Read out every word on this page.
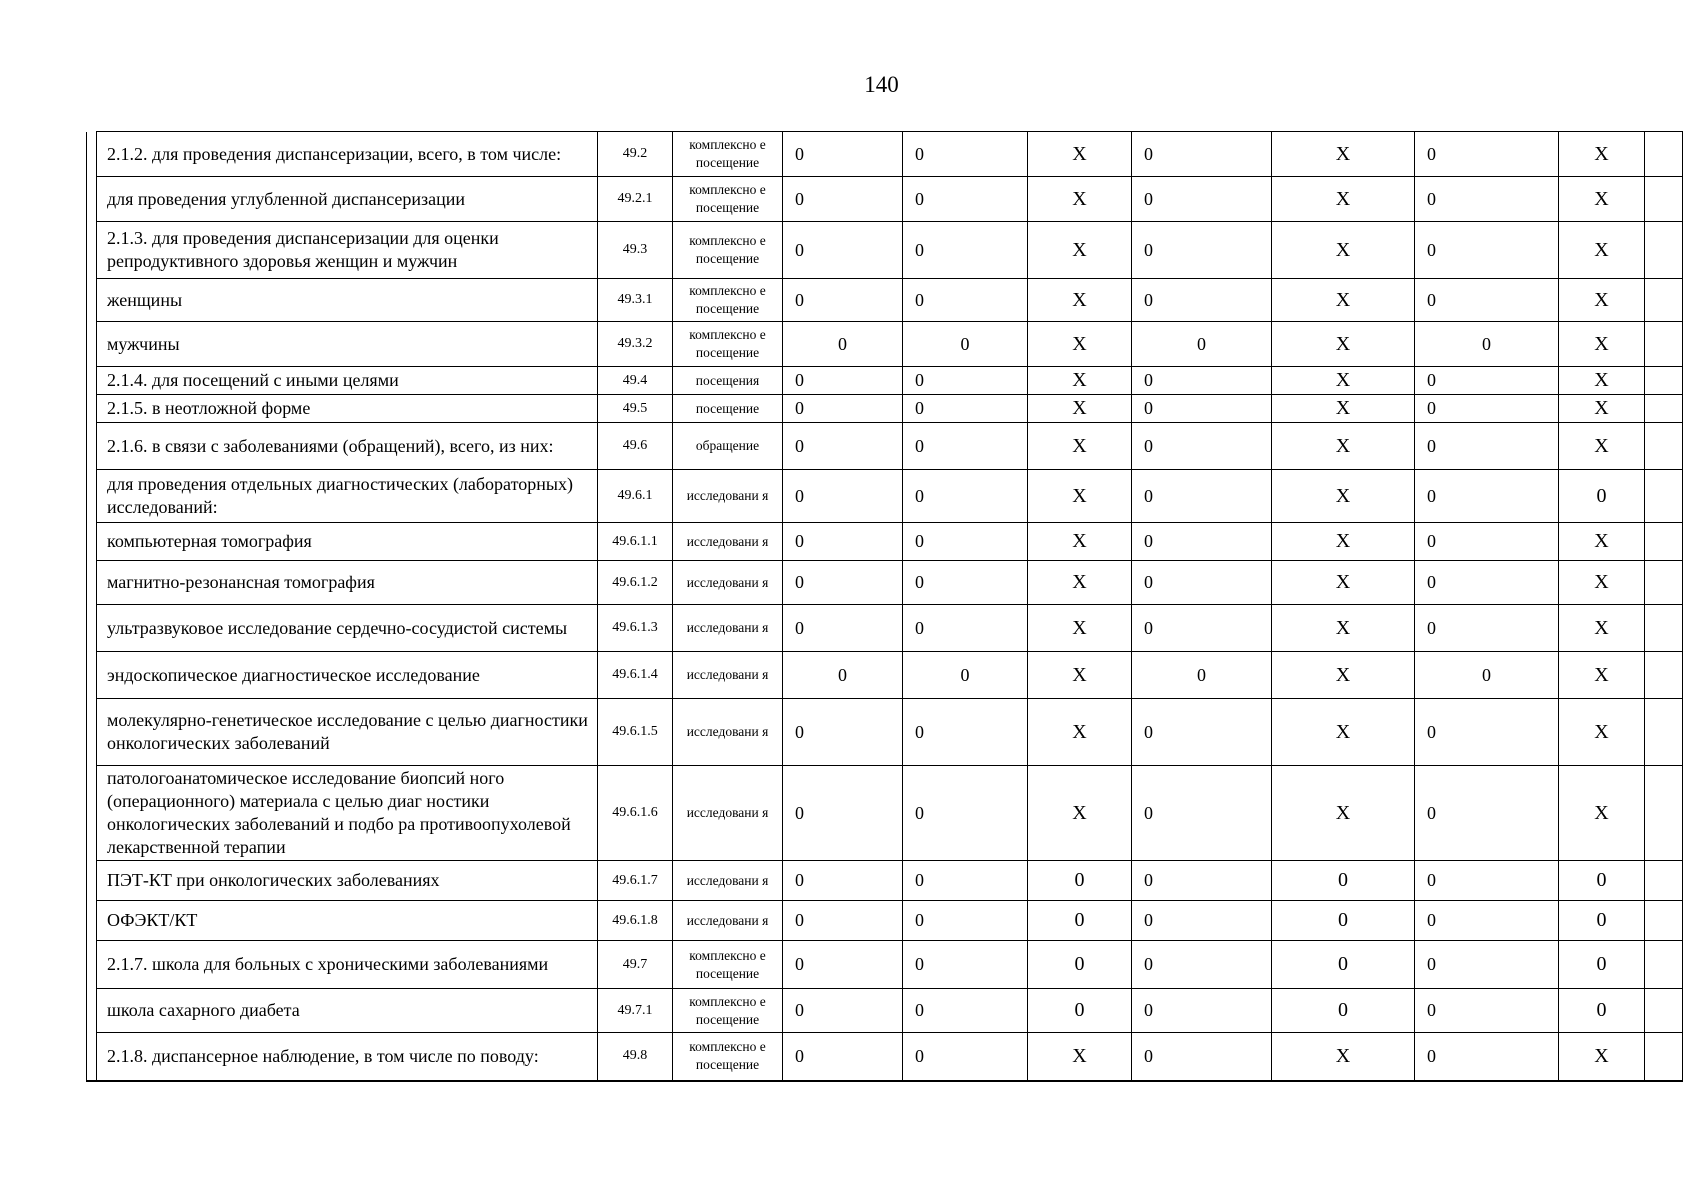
140
	2.1.2. для проведения диспансеризации, всего, в том числе:	49.2	комплексно е посещение	0	0	X	0	X	0	X	
	для проведения углубленной диспансеризации	49.2.1	комплексно е посещение	0	0	X	0	X	0	X	
	2.1.3. для проведения диспансеризации для оценки репродуктивного здоровья женщин и мужчин	49.3	комплексно е посещение	0	0	X	0	X	0	X	
	женщины	49.3.1	комплексно е посещение	0	0	X	0	X	0	X	
	мужчины	49.3.2	комплексно е посещение	0	0	X	0	X	0	X	
	2.1.4. для посещений с иными целями	49.4	посещения	0	0	X	0	X	0	X	
	2.1.5. в неотложной форме	49.5	посещение	0	0	X	0	X	0	X	
	2.1.6. в связи с заболеваниями (обращений), всего, из них:	49.6	обращение	0	0	X	0	X	0	X	
	для проведения отдельных диагностических (лабораторных) исследований:	49.6.1	исследовани я	0	0	X	0	X	0	0	
	компьютерная томография	49.6.1.1	исследовани я	0	0	X	0	X	0	X	
	магнитно-резонансная томография	49.6.1.2	исследовани я	0	0	X	0	X	0	X	
	ультразвуковое исследование сердечно-сосудистой системы	49.6.1.3	исследовани я	0	0	X	0	X	0	X	
	эндоскопическое диагностическое исследование	49.6.1.4	исследовани я	0	0	X	0	X	0	X	
	молекулярно-генетическое исследование с целью диагностики онкологических заболеваний	49.6.1.5	исследовани я	0	0	X	0	X	0	X	
	патологоанатомическое исследование биопсий ного (операционного) материала с целью диаг ностики онкологических заболеваний и подбо ра противоопухолевой лекарственной терапии	49.6.1.6	исследовани я	0	0	X	0	X	0	X	
	ПЭТ-КТ при онкологических заболеваниях	49.6.1.7	исследовани я	0	0	0	0	0	0	0	
	ОФЭКТ/КТ	49.6.1.8	исследовани я	0	0	0	0	0	0	0	
	2.1.7. школа для больных с хроническими заболеваниями	49.7	комплексно е посещение	0	0	0	0	0	0	0	
	школа сахарного диабета	49.7.1	комплексно е посещение	0	0	0	0	0	0	0	
	2.1.8. диспансерное наблюдение, в том числе по поводу:	49.8	комплексно е посещение	0	0	X	0	X	0	X	
